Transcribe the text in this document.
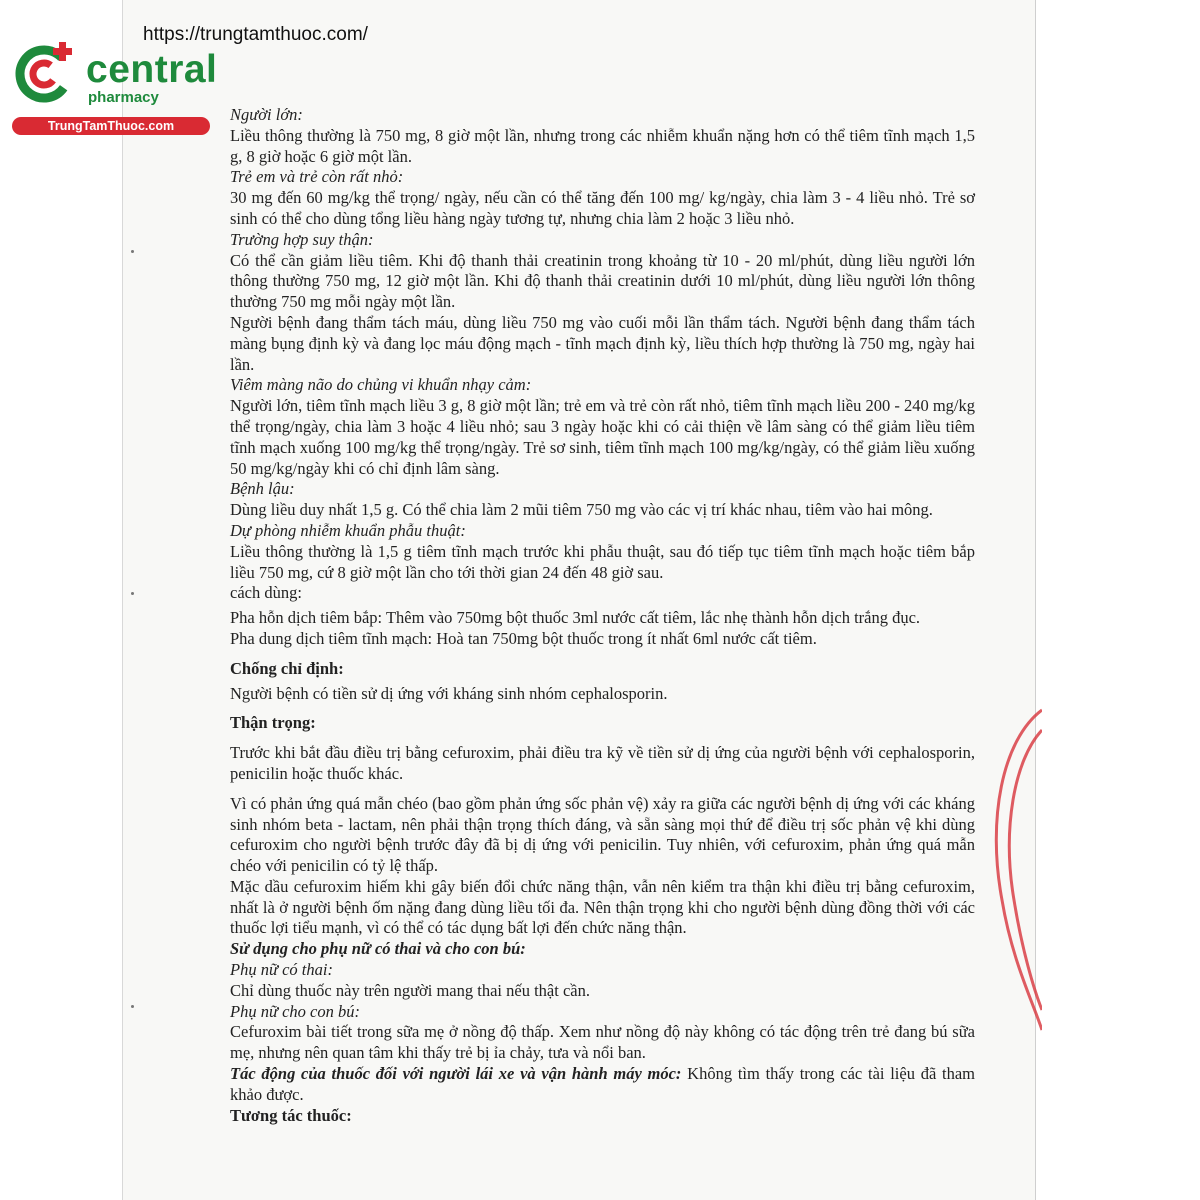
https://trungtamthuoc.com/
central
pharmacy
TrungTamThuoc.com

Người lớn:

Liều thông thường là 750 mg, 8 giờ một lần, nhưng trong các nhiễm khuẩn nặng hơn có thể tiêm tĩnh mạch 1,5 g, 8 giờ hoặc 6 giờ một lần.

Trẻ em và trẻ còn rất nhỏ:

30 mg đến 60 mg/kg thể trọng/ ngày, nếu cần có thể tăng đến 100 mg/ kg/ngày, chia làm 3 - 4 liều nhỏ. Trẻ sơ sinh có thể cho dùng tổng liều hàng ngày tương tự, nhưng chia làm 2 hoặc 3 liều nhỏ.

Trường hợp suy thận:

Có thể cần giảm liều tiêm. Khi độ thanh thải creatinin trong khoảng từ 10 - 20 ml/phút, dùng liều người lớn thông thường 750 mg, 12 giờ một lần. Khi độ thanh thải creatinin dưới 10 ml/phút, dùng liều người lớn thông thường 750 mg mỗi ngày một lần.

Người bệnh đang thẩm tách máu, dùng liều 750 mg vào cuối mỗi lần thẩm tách. Người bệnh đang thẩm tách màng bụng định kỳ và đang lọc máu động mạch - tĩnh mạch định kỳ, liều thích hợp thường là 750 mg, ngày hai lần.

Viêm màng não do chủng vi khuẩn nhạy cảm:

Người lớn, tiêm tĩnh mạch liều 3 g, 8 giờ một lần; trẻ em và trẻ còn rất nhỏ, tiêm tĩnh mạch liều 200 - 240 mg/kg thể trọng/ngày, chia làm 3 hoặc 4 liều nhỏ; sau 3 ngày hoặc khi có cải thiện về lâm sàng có thể giảm liều tiêm tĩnh mạch xuống 100 mg/kg thể trọng/ngày. Trẻ sơ sinh, tiêm tĩnh mạch 100 mg/kg/ngày, có thể giảm liều xuống 50 mg/kg/ngày khi có chỉ định lâm sàng.

Bệnh lậu:

Dùng liều duy nhất 1,5 g. Có thể chia làm 2 mũi tiêm 750 mg vào các vị trí khác nhau, tiêm vào hai mông.

Dự phòng nhiễm khuẩn phẫu thuật:

Liều thông thường là 1,5 g tiêm tĩnh mạch trước khi phẫu thuật, sau đó tiếp tục tiêm tĩnh mạch hoặc tiêm bắp liều 750 mg, cứ 8 giờ một lần cho tới thời gian 24 đến 48 giờ sau.

cách dùng:

Pha hỗn dịch tiêm bắp: Thêm vào 750mg bột thuốc 3ml nước cất tiêm, lắc nhẹ thành hỗn dịch trắng đục.

Pha dung dịch tiêm tĩnh mạch: Hoà tan 750mg bột thuốc trong ít nhất 6ml nước cất tiêm.

Chống chỉ định:

Người bệnh có tiền sử dị ứng với kháng sinh nhóm cephalosporin.

Thận trọng:

Trước khi bắt đầu điều trị bằng cefuroxim, phải điều tra kỹ về tiền sử dị ứng của người bệnh với cephalosporin, penicilin hoặc thuốc khác.

Vì có phản ứng quá mẫn chéo (bao gồm phản ứng sốc phản vệ) xảy ra giữa các người bệnh dị ứng với các kháng sinh nhóm beta - lactam, nên phải thận trọng thích đáng, và sẵn sàng mọi thứ để điều trị sốc phản vệ khi dùng cefuroxim cho người bệnh trước đây đã bị dị ứng với penicilin. Tuy nhiên, với cefuroxim, phản ứng quá mẫn chéo với penicilin có tỷ lệ thấp.

Mặc dầu cefuroxim hiếm khi gây biến đổi chức năng thận, vẫn nên kiểm tra thận khi điều trị bằng cefuroxim, nhất là ở người bệnh ốm nặng đang dùng liều tối đa. Nên thận trọng khi cho người bệnh dùng đồng thời với các thuốc lợi tiểu mạnh, vì có thể có tác dụng bất lợi đến chức năng thận.

Sử dụng cho phụ nữ có thai và cho con bú:

Phụ nữ có thai:

Chỉ dùng thuốc này trên người mang thai nếu thật cần.

Phụ nữ cho con bú:

Cefuroxim bài tiết trong sữa mẹ ở nồng độ thấp. Xem như nồng độ này không có tác động trên trẻ đang bú sữa mẹ, nhưng nên quan tâm khi thấy trẻ bị ỉa chảy, tưa và nổi ban.

Tác động của thuốc đối với người lái xe và vận hành máy móc: Không tìm thấy trong các tài liệu đã tham khảo được.

Tương tác thuốc:
